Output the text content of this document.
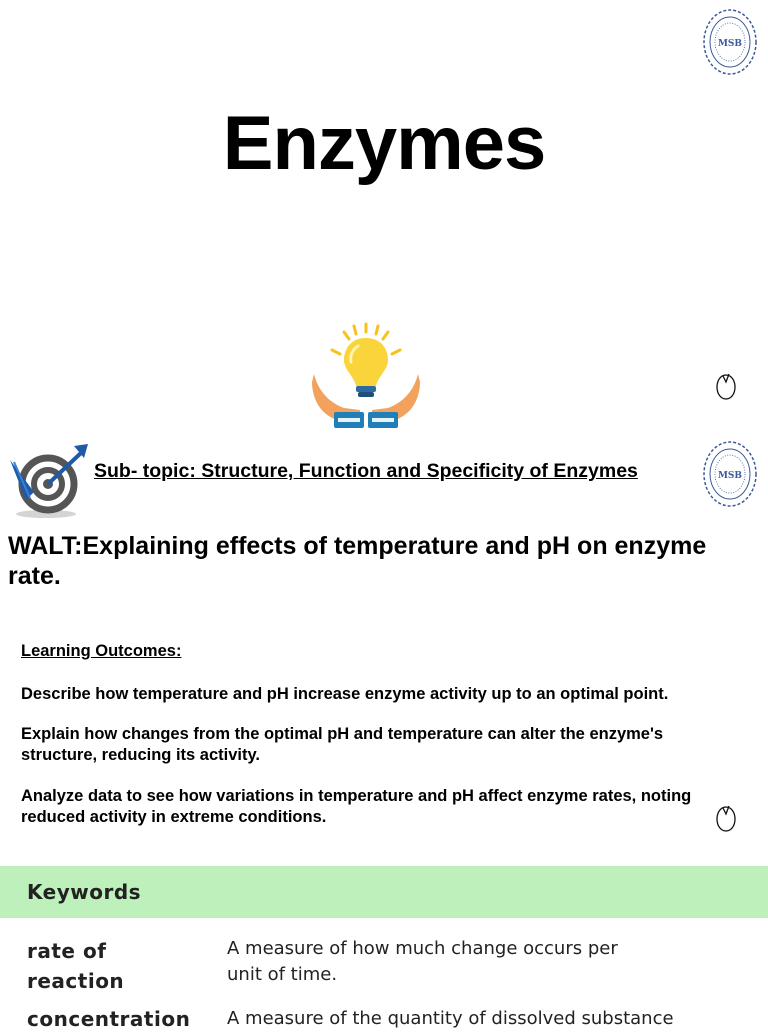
MSB
Enzymes
Sub- topic: Structure, Function and Specificity of Enzymes	MSB
WALT:Explaining effects of temperature and pH on enzyme rate.
Learning Outcomes:
Describe how temperature and pH increase enzyme activity up to an optimal point.
Explain how changes from the optimal pH and temperature can alter the enzyme's structure, reducing its activity.
Analyze data to see how variations in temperature and pH affect enzyme rates, noting reduced activity in extreme conditions.
Keywords
rate of reaction
A measure of how much change occurs per unit of time.
concentration A measure of the quantity of dissolved substance
